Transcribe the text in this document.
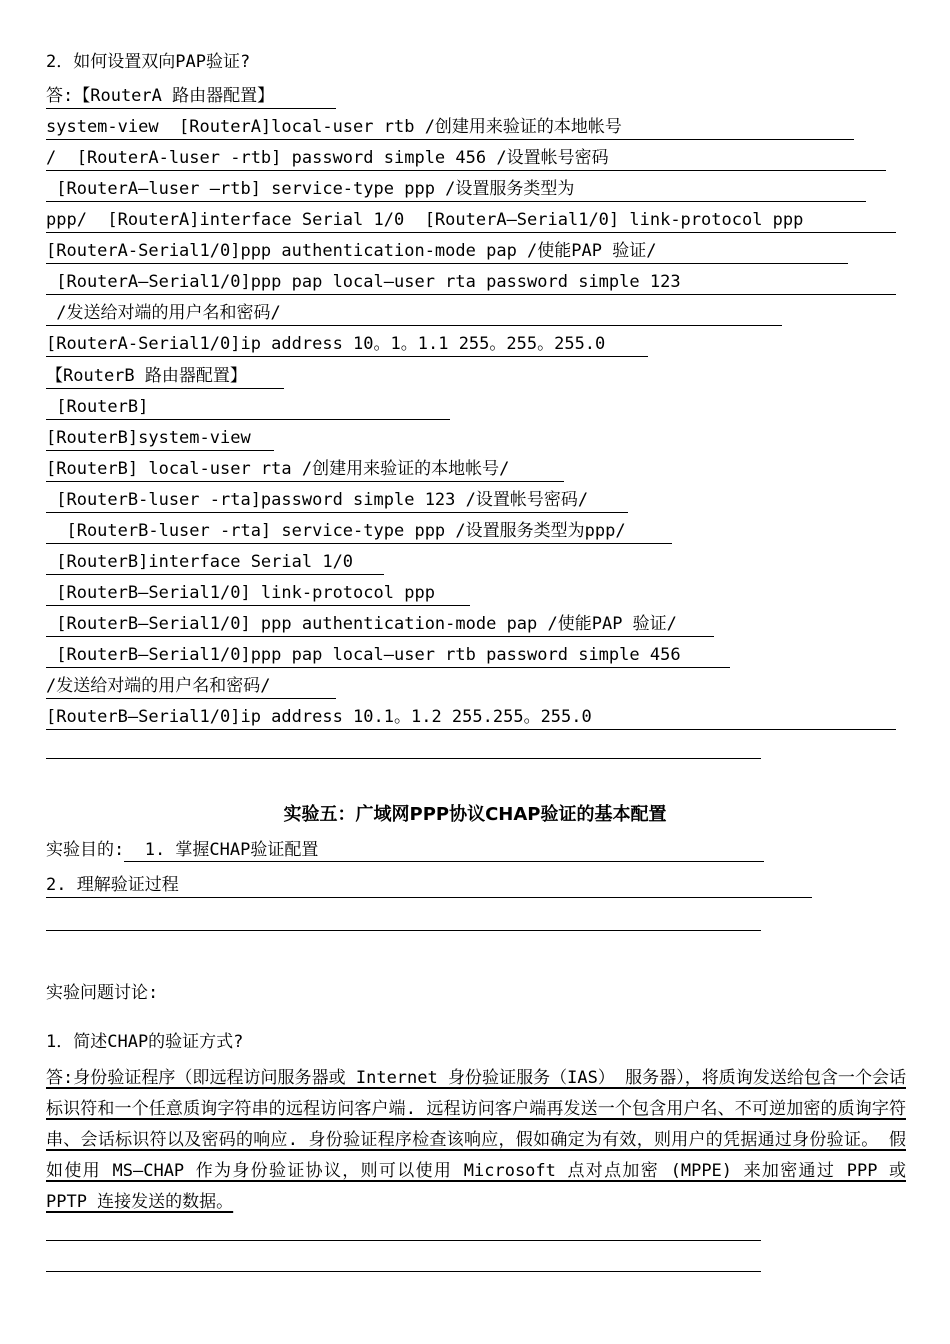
2．如何设置双向PAP验证?
答:【RouterA 路由器配置】
system-view  [RouterA]local-user rtb /创建用来验证的本地帐号
/  [RouterA-luser -rtb] password simple 456 /设置帐号密码
[RouterA—luser —rtb] service-type ppp /设置服务类型为
ppp/  [RouterA]interface Serial 1/0  [RouterA—Serial1/0] link-protocol ppp
[RouterA-Serial1/0]ppp authentication-mode pap /使能PAP 验证/
[RouterA—Serial1/0]ppp pap local—user rta password simple 123
/发送给对端的用户名和密码/
[RouterA-Serial1/0]ip address 10。1。1.1 255。255。255.0
【RouterB 路由器配置】
[RouterB]
[RouterB]system-view
[RouterB] local-user rta /创建用来验证的本地帐号/
[RouterB-luser -rta]password simple 123 /设置帐号密码/
[RouterB-luser -rta] service-type ppp /设置服务类型为ppp/
[RouterB]interface Serial 1/0
[RouterB—Serial1/0] link-protocol ppp
[RouterB—Serial1/0] ppp authentication-mode pap /使能PAP 验证/
[RouterB—Serial1/0]ppp pap local—user rtb password simple 456
/发送给对端的用户名和密码/
[RouterB—Serial1/0]ip address 10.1。1.2 255.255。255.0
实验五：广域网PPP协议CHAP验证的基本配置
实验目的:  1. 掌握CHAP验证配置
2. 理解验证过程
实验问题讨论:
1．简述CHAP的验证方式?
答:身份验证程序（即远程访问服务器或 Internet 身份验证服务（IAS） 服务器），将质询发送给包含一个会话标识符和一个任意质询字符串的远程访问客户端. 远程访问客户端再发送一个包含用户名、不可逆加密的质询字符串、会话标识符以及密码的响应. 身份验证程序检查该响应，假如确定为有效，则用户的凭据通过身份验证。 假如使用 MS—CHAP 作为身份验证协议，则可以使用 Microsoft 点对点加密 (MPPE) 来加密通过 PPP 或 PPTP 连接发送的数据。
